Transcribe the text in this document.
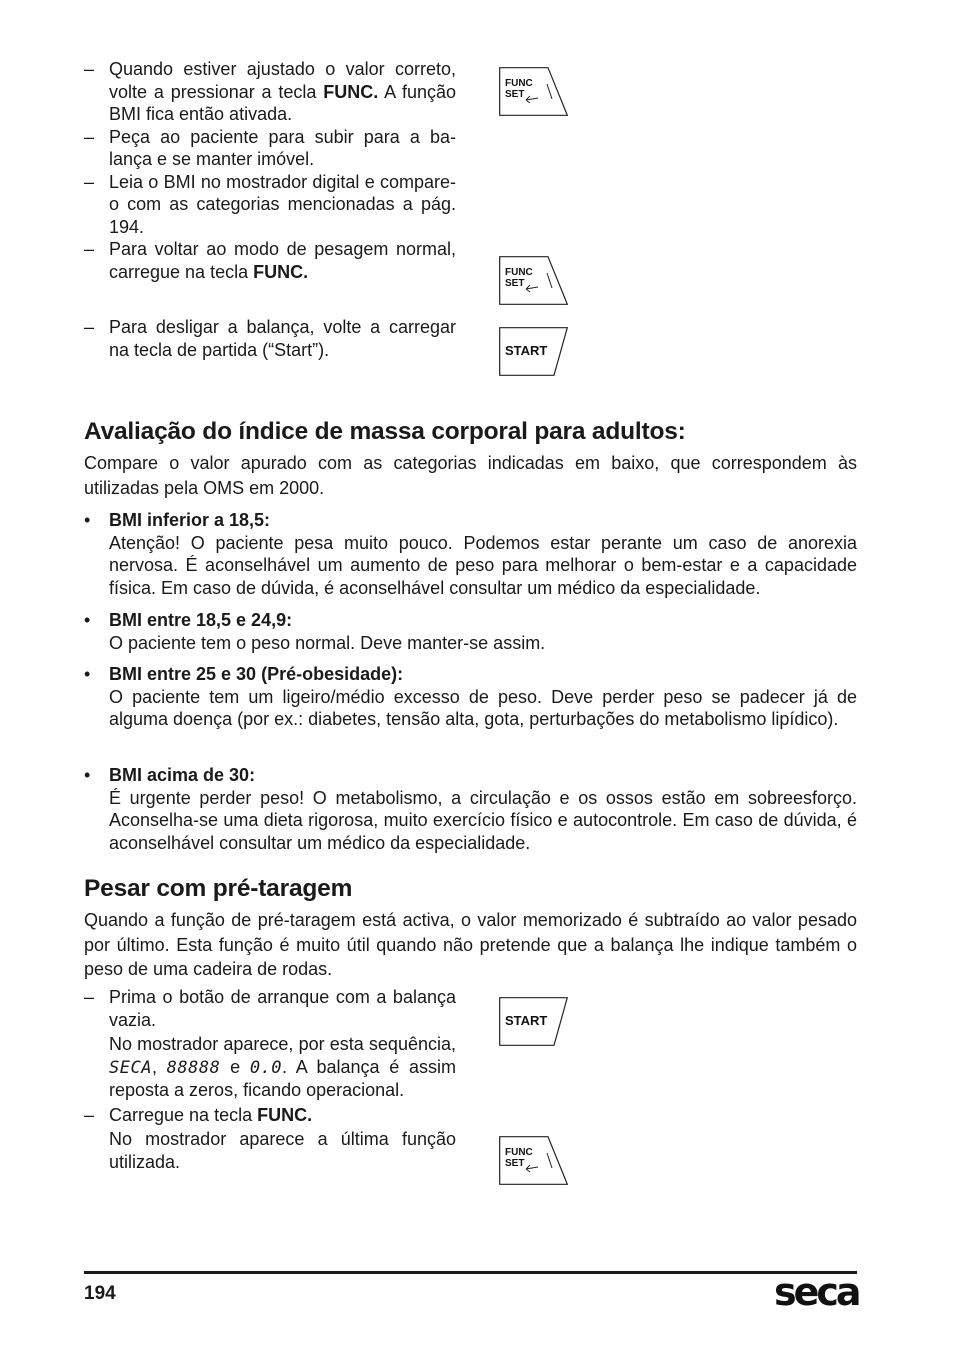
– Quando estiver ajustado o valor correto, volte a pressionar a tecla FUNC. A função BMI fica então ativada.
– Peça ao paciente para subir para a balança e se manter imóvel.
– Leia o BMI no mostrador digital e compare-o com as categorias mencionadas a pág. 194.
– Para voltar ao modo de pesagem normal, carregue na tecla FUNC.
– Para desligar a balança, volte a carregar na tecla de partida (“Start”).
FUNC
SET
FUNC
SET
START
Avaliação do índice de massa corporal para adultos:
Compare o valor apurado com as categorias indicadas em baixo, que correspondem às utilizadas pela OMS em 2000.
• BMI inferior a 18,5:
Atenção! O paciente pesa muito pouco. Podemos estar perante um caso de anorexia nervosa. É aconselhável um aumento de peso para melhorar o bem-estar e a capacidade física. Em caso de dúvida, é aconselhável consultar um médico da especialidade.
• BMI entre 18,5 e 24,9:
O paciente tem o peso normal. Deve manter-se assim.
• BMI entre 25 e 30 (Pré-obesidade):
O paciente tem um ligeiro/médio excesso de peso. Deve perder peso se padecer já de alguma doença (por ex.: diabetes, tensão alta, gota, perturbações do metabolismo lipídico).
• BMI acima de 30:
É urgente perder peso! O metabolismo, a circulação e os ossos estão em sobreesforço. Aconselha-se uma dieta rigorosa, muito exercício físico e autocontrole. Em caso de dúvida, é aconselhável consultar um médico da especialidade.
Pesar com pré-taragem
Quando a função de pré-taragem está activa, o valor memorizado é subtraído ao valor pesado por último. Esta função é muito útil quando não pretende que a balança lhe indique também o peso de uma cadeira de rodas.
– Prima o botão de arranque com a balança vazia.
No mostrador aparece, por esta sequência, SECA, 88888 e 0.0. A balança é assim reposta a zeros, ficando operacional.
– Carregue na tecla FUNC.
No mostrador aparece a última função utilizada.
START
FUNC
SET
194	seca
